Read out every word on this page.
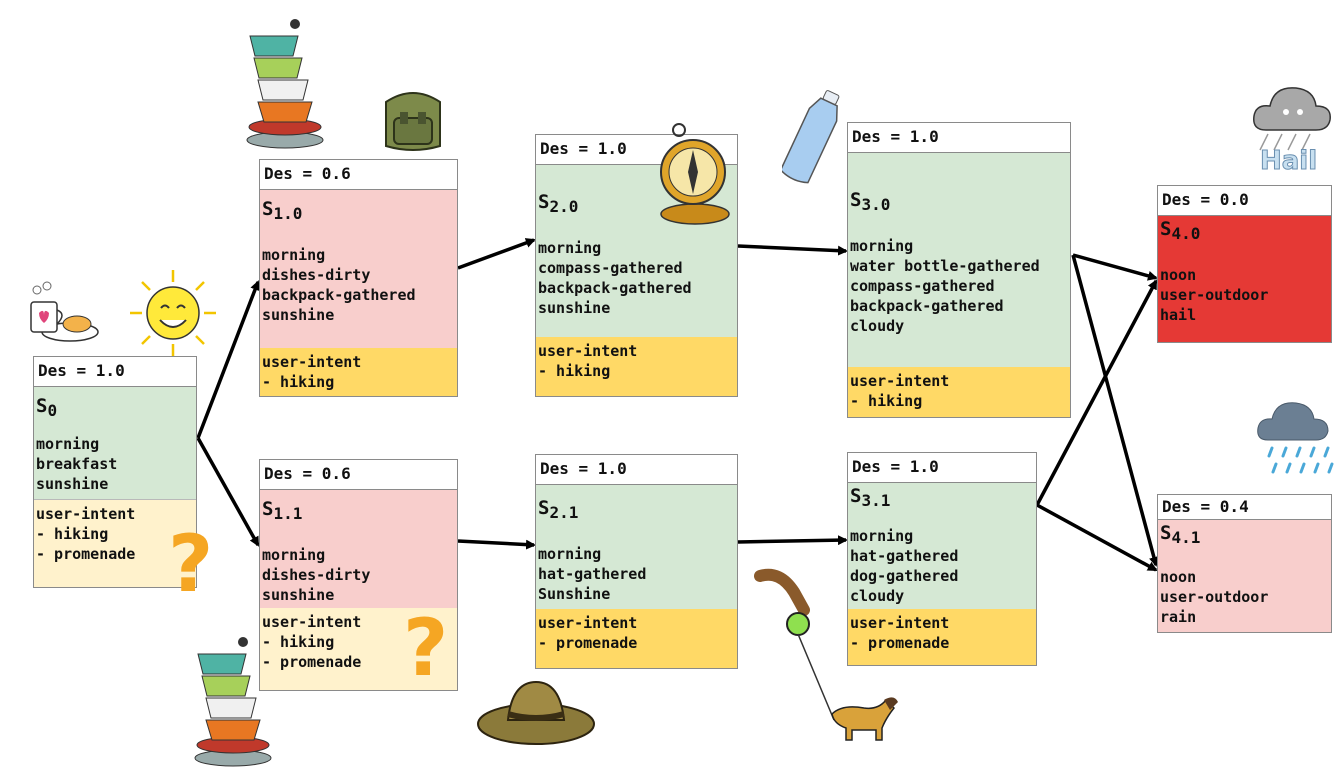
Des = 1.0
$S_0$
morning
breakfast
sunshine
user-intent
- hiking
- promenade
Des = 0.6
$S_{1.0}$
morning
dishes-dirty
backpack-gathered
sunshine
user-intent
- hiking
Des = 0.6
$S_{1.1}$
morning
dishes-dirty
sunshine
user-intent
- hiking
- promenade
Des = 1.0
$S_{2.0}$
morning
compass-gathered
backpack-gathered
sunshine
user-intent
- hiking
Des = 1.0
$S_{2.1}$
morning
hat-gathered
Sunshine
user-intent
- promenade
Des = 1.0
$S_{3.0}$
morning
water bottle-gathered
compass-gathered
backpack-gathered
cloudy
user-intent
- hiking
Des = 1.0
$S_{3.1}$
morning
hat-gathered
dog-gathered
cloudy
user-intent
- promenade
Des = 0.0
$S_{4.0}$
noon
user-outdoor
hail
Des = 0.4
$S_{4.1}$
noon
user-outdoor
rain
?
?
Hail
